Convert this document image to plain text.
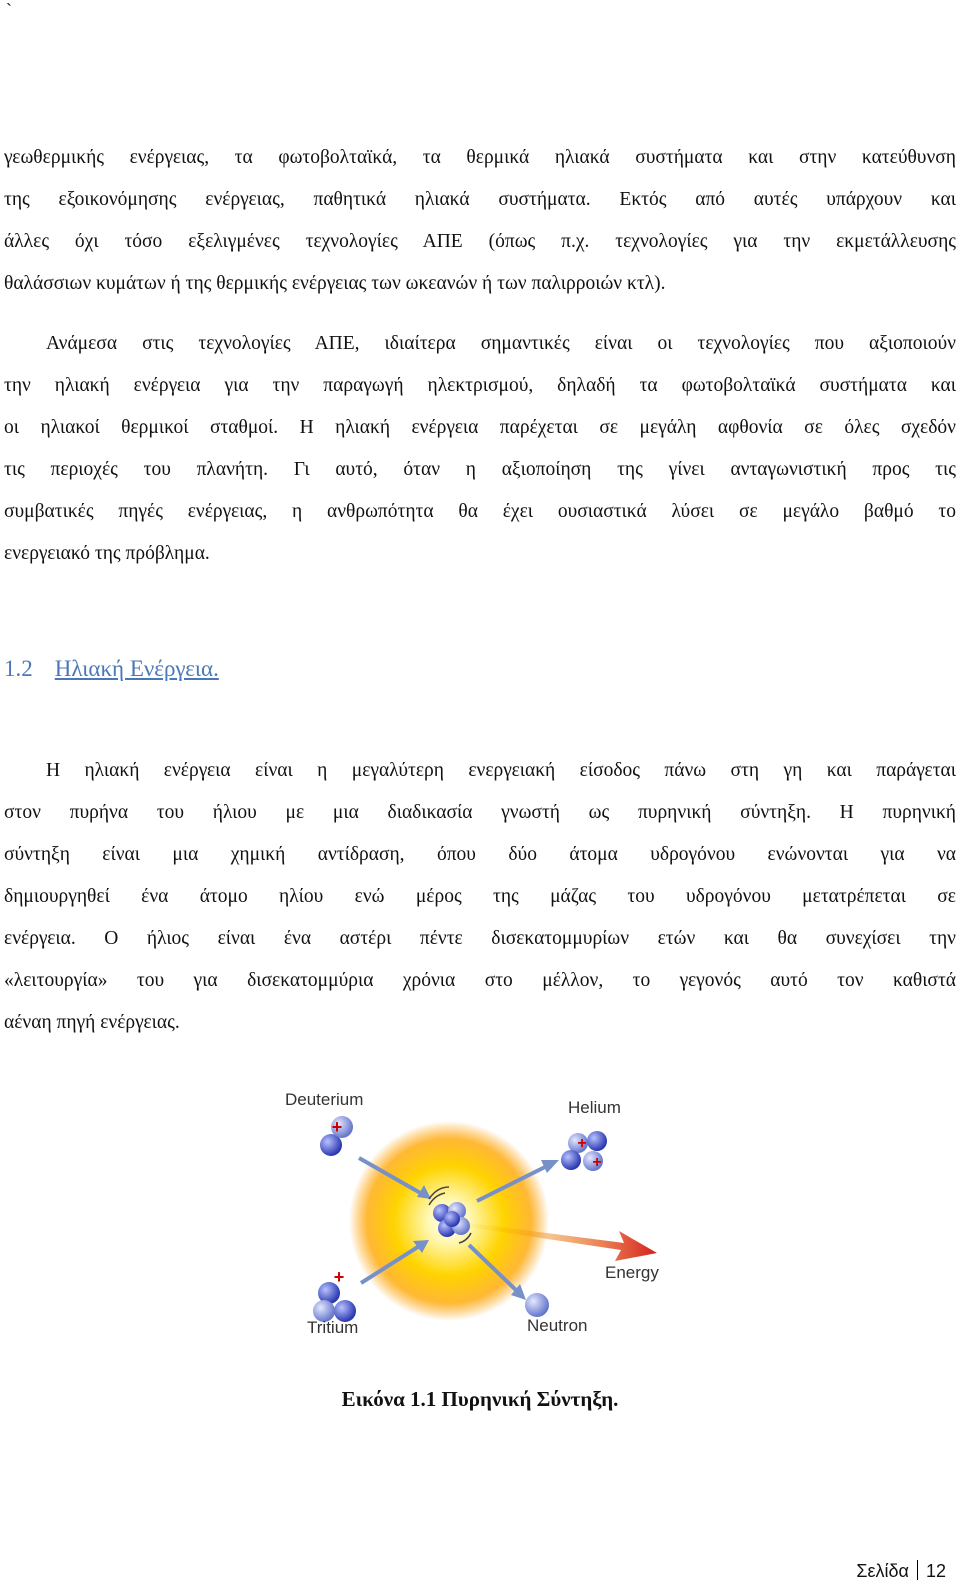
`
γεωθερμικής ενέργειας, τα φωτοβολταϊκά, τα θερμικά ηλιακά συστήματα και στην κατεύθυνση
της εξοικονόμησης ενέργειας, παθητικά ηλιακά συστήματα. Εκτός από αυτές υπάρχουν και
άλλες όχι τόσο εξελιγμένες τεχνολογίες ΑΠΕ (όπως π.χ. τεχνολογίες για την εκμετάλλευσης
θαλάσσιων κυμάτων ή της θερμικής ενέργειας των ωκεανών ή των παλιρροιών κτλ).
Ανάμεσα στις τεχνολογίες ΑΠΕ, ιδιαίτερα σημαντικές είναι οι τεχνολογίες που αξιοποιούν
την ηλιακή ενέργεια για την παραγωγή ηλεκτρισμού, δηλαδή τα φωτοβολταϊκά συστήματα και
οι ηλιακοί θερμικοί σταθμοί. Η ηλιακή ενέργεια παρέχεται σε μεγάλη αφθονία σε όλες σχεδόν
τις περιοχές του πλανήτη. Γι αυτό, όταν η αξιοποίηση της γίνει ανταγωνιστική προς τις
συμβατικές πηγές ενέργειας, η ανθρωπότητα θα έχει ουσιαστικά λύσει σε μεγάλο βαθμό το
ενεργειακό της πρόβλημα.
1.2 Ηλιακή Ενέργεια.
Η ηλιακή ενέργεια είναι η μεγαλύτερη ενεργειακή είσοδος πάνω στη γη και παράγεται
στον πυρήνα του ήλιου με μια διαδικασία γνωστή ως πυρηνική σύντηξη. Η πυρηνική
σύντηξη είναι μια χημική αντίδραση, όπου δύο άτομα υδρογόνου ενώνονται για να
δημιουργηθεί ένα άτομο ηλίου ενώ μέρος της μάζας του υδρογόνου μετατρέπεται σε
ενέργεια. Ο ήλιος είναι ένα αστέρι πέντε δισεκατομμυρίων ετών και θα συνεχίσει την
«λειτουργία» του για δισεκατομμύρια χρόνια στο μέλλον, το γεγονός αυτό τον καθιστά
αέναη πηγή ενέργειας.
+
Deuterium
+
+
Helium
Energy
+
Tritium	Neutron
Εικόνα 1.1 Πυρηνική Σύντηξη.
Σελίδα 12
